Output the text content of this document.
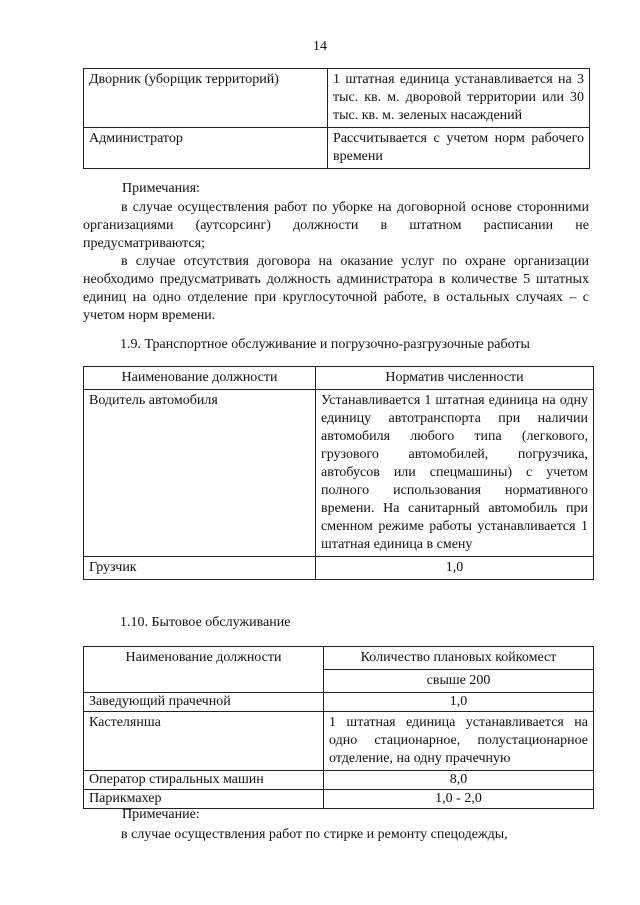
14
Дворник (уборщик территорий)	1 штатная единица устанавливается на 3 тыс. кв. м. дворовой территории или 30 тыс. кв. м. зеленых насаждений
Администратор	Рассчитывается с учетом норм рабочего времени
Примечания:

в случае осуществления работ по уборке на договорной основе сторонними организациями (аутсорсинг) должности в штатном расписании не предусматриваются;

в случае отсутствия договора на оказание услуг по охране организации необходимо предусматривать должность администратора в количестве 5 штатных единиц на одно отделение при круглосуточной работе, в остальных случаях – с учетом норм времени.

1.9. Транспортное обслуживание и погрузочно-разгрузочные работы
Наименование должности	Норматив численности
Водитель автомобиля	Устанавливается 1 штатная единица на одну единицу автотранспорта при наличии автомобиля любого типа (легкового, грузового автомобилей, погрузчика, автобусов или спецмашины) с учетом полного использования нормативного времени. На санитарный автомобиль при сменном режиме работы устанавливается 1 штатная единица в смену
Грузчик	1,0
1.10. Бытовое обслуживание
Наименование должности	Количество плановых койкомест
	свыше 200
Заведующий прачечной	1,0
Кастелянша	1 штатная единица устанавливается на одно стационарное, полустационарное отделение, на одну прачечную
Оператор стиральных машин	8,0
Парикмахер	1,0 - 2,0
Примечание:

в случае осуществления работ по стирке и ремонту спецодежды,
